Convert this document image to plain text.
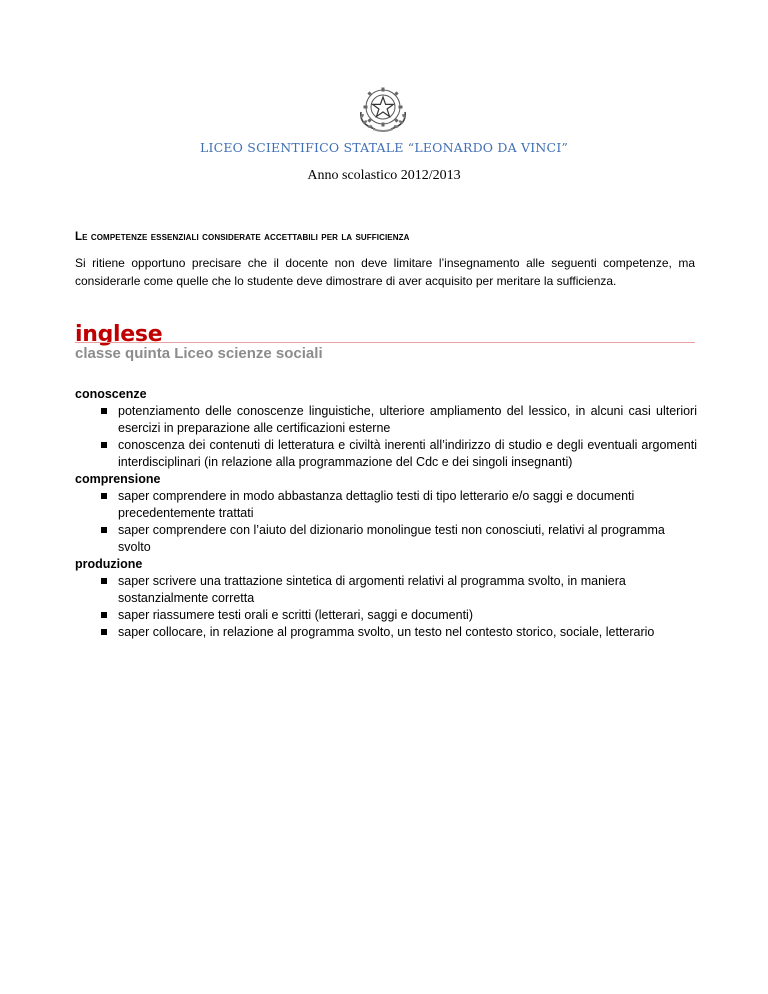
LICEO SCIENTIFICO STATALE “LEONARDO DA VINCI”
Anno scolastico 2012/2013
Le competenze essenziali considerate accettabili per la sufficienza
Si ritiene opportuno precisare che il docente non deve limitare l’insegnamento alle seguenti competenze, ma considerarle come quelle che lo studente deve dimostrare di aver acquisito per meritare la sufficienza.
inglese
classe quinta Liceo scienze sociali

conoscenze

potenziamento delle conoscenze linguistiche, ulteriore ampliamento del lessico, in alcuni casi ulteriori esercizi in preparazione alle certificazioni esterne
conoscenza dei contenuti di letteratura e civiltà inerenti all’indirizzo di studio e degli eventuali argomenti interdisciplinari (in relazione alla programmazione del Cdc e dei singoli insegnanti)

comprensione

saper comprendere in modo abbastanza dettaglio testi di tipo letterario e/o saggi e documenti precedentemente trattati
saper comprendere con l’aiuto del dizionario monolingue testi non conosciuti, relativi al programma svolto

produzione

saper scrivere una trattazione sintetica di argomenti relativi al programma svolto, in maniera sostanzialmente corretta
saper riassumere testi orali e scritti (letterari, saggi e documenti)
saper collocare, in relazione al programma svolto, un testo nel contesto storico, sociale, letterario
